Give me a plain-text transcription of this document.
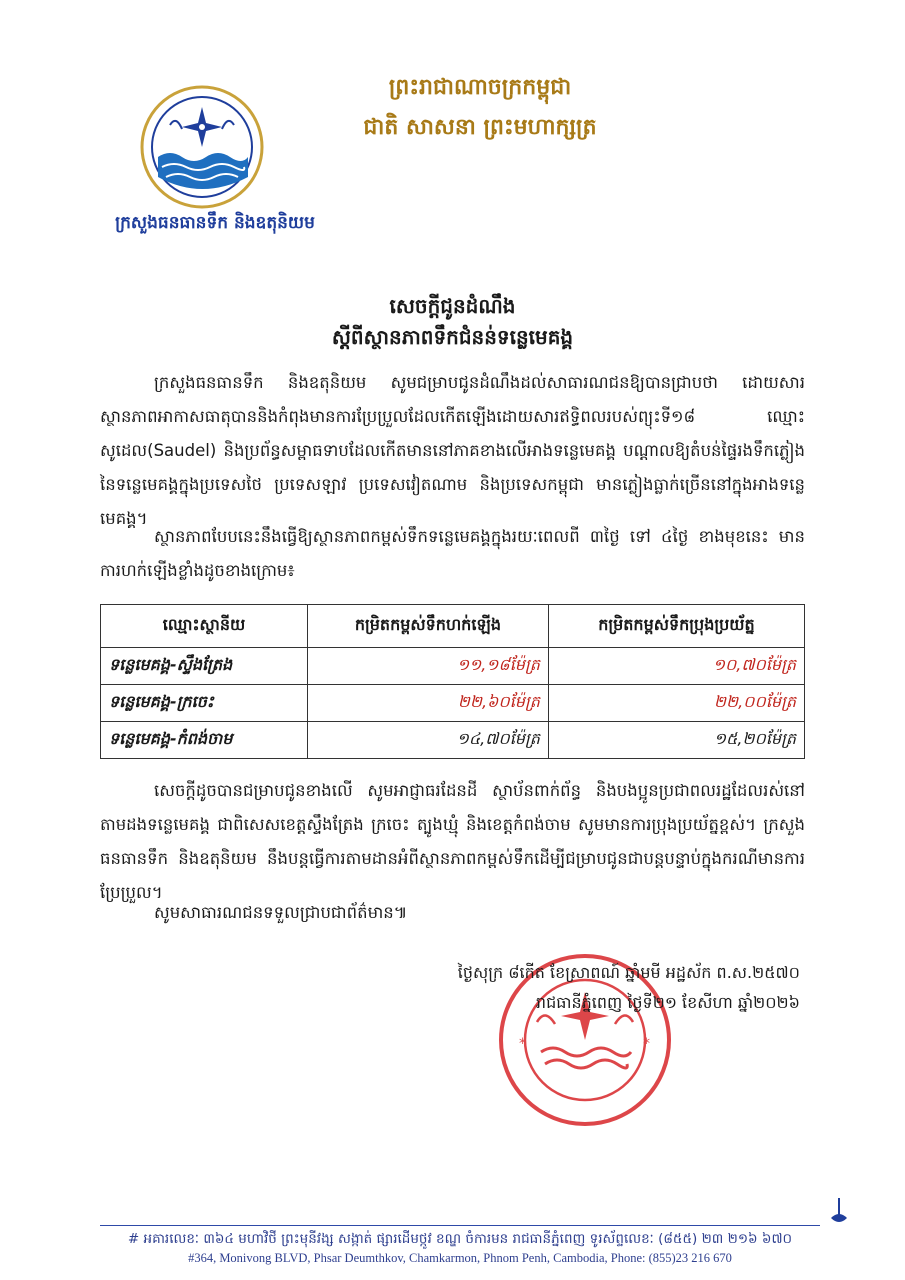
ក្រសួងធនធានទឹក និងឧតុនិយម
ព្រះរាជាណាចក្រកម្ពុជា
ជាតិ សាសនា ព្រះមហាក្សត្រ
សេចក្តីជូនដំណឹង
ស្តីពីស្ថានភាពទឹកជំនន់ទន្លេមេគង្គ
ក្រសួងធនធានទឹក និងឧតុនិយម សូមជម្រាបជូនដំណឹងដល់សាធារណជនឱ្យបានជ្រាបថា ដោយសារស្ថានភាពអាកាសធាតុបាននិងកំពុងមានការប្រែប្រួលដែលកើតឡើងដោយសារឥទ្ធិពលរបស់ព្យុះទី១៨ ឈ្មោះ សូដេល(Saudel) និងប្រព័ន្ធសម្ពាធទាបដែលកើតមាននៅភាគខាងលើអាងទន្លេមេគង្គ បណ្តាលឱ្យតំបន់ផ្ទៃរងទឹកភ្លៀងនៃទន្លេមេគង្គក្នុងប្រទេសថៃ ប្រទេសឡាវ ប្រទេសវៀតណាម និងប្រទេសកម្ពុជា មានភ្លៀងធ្លាក់ច្រើននៅក្នុងអាងទន្លេមេគង្គ។
ស្ថានភាពបែបនេះនឹងធ្វើឱ្យស្ថានភាពកម្ពស់ទឹកទន្លេមេគង្គក្នុងរយៈពេលពី ៣ថ្ងៃ ទៅ ៤ថ្ងៃ ខាងមុខនេះ មានការហក់ឡើងខ្លាំងដូចខាងក្រោម៖
ឈ្មោះស្ថានីយ	កម្រិតកម្ពស់ទឹកហក់ឡើង	កម្រិតកម្ពស់ទឹកប្រុងប្រយ័ត្ន
ទន្លេមេគង្គ-ស្ទឹងត្រែង	១១,១៨ម៉ែត្រ	១០,៧០ម៉ែត្រ
ទន្លេមេគង្គ-ក្រចេះ	២២,៦០ម៉ែត្រ	២២,០០ម៉ែត្រ
ទន្លេមេគង្គ-កំពង់ចាម	១៤,៧០ម៉ែត្រ	១៥,២០ម៉ែត្រ
សេចក្តីដូចបានជម្រាបជូនខាងលើ សូមអាជ្ញាធរដែនដី ស្ថាប័នពាក់ព័ន្ធ និងបងប្អូនប្រជាពលរដ្ឋដែលរស់នៅតាមដងទន្លេមេគង្គ ជាពិសេសខេត្តស្ទឹងត្រែង ក្រចេះ ត្បូងឃ្មុំ និងខេត្តកំពង់ចាម សូមមានការប្រុងប្រយ័ត្នខ្ពស់។ ក្រសួងធនធានទឹក និងឧតុនិយម នឹងបន្តធ្វើការតាមដានអំពីស្ថានភាពកម្ពស់ទឹកដើម្បីជម្រាបជូនជាបន្តបន្ទាប់ក្នុងករណីមានការប្រែប្រួល។
សូមសាធារណជនទទួលជ្រាបជាព័ត៌មាន៕
*	*
ថ្ងៃសុក្រ ៨កើត ខែស្រាពណ៍ ឆ្នាំមមី អដ្ឋស័ក ព.ស.២៥៧០
រាជធានីភ្នំពេញ ថ្ងៃទី២១ ខែសីហា ឆ្នាំ២០២៦
# អគារលេខៈ ៣៦៤ មហាវិថី ព្រះមុនីវង្ស សង្កាត់ ផ្សារដើមថ្កូវ ខណ្ឌ ចំការមន រាជធានីភ្នំពេញ ទូរស័ព្ទលេខៈ (៨៥៥) ២៣ ២១៦ ៦៧០
#364, Monivong BLVD, Phsar Deumthkov, Chamkarmon, Phnom Penh, Cambodia, Phone: (855)23 216 670
